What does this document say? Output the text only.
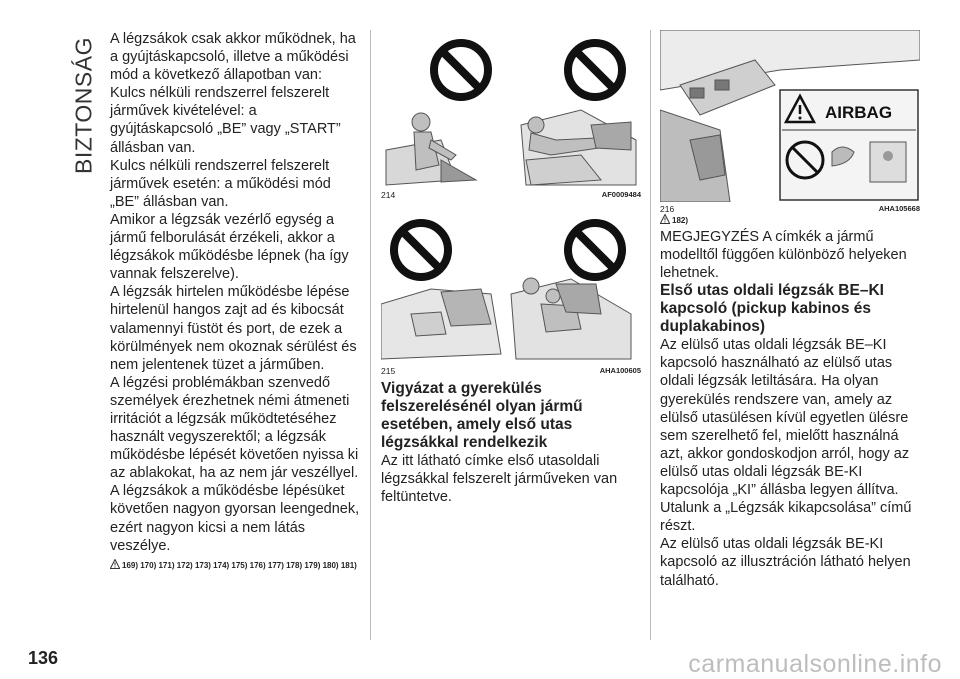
BIZTONSÁG A légzsákok csak akkor működnek, ha a gyújtáskapcsoló, illetve a működési mód a következő állapotban van:

Kulcs nélküli rendszerrel felszerelt járművek kivételével: a gyújtáskapcsoló „BE” vagy „START” állásban van.

Kulcs nélküli rendszerrel felszerelt járművek esetén: a működési mód „BE” állásban van.

Amikor a légzsák vezérlő egység a jármű felborulását érzékeli, akkor a légzsákok működésbe lépnek (ha így vannak felszerelve).

A légzsák hirtelen működésbe lépése hirtelenül hangos zajt ad és kibocsát valamennyi füstöt és port, de ezek a körülmények nem okoznak sérülést és nem jelentenek tüzet a járműben.

A légzési problémákban szenvedő személyek érezhetnek némi átmeneti irritációt a légzsák működtetéséhez használt vegyszerektől; a légzsák működésbe lépését követően nyissa ki az ablakokat, ha az nem jár veszéllyel.

A légzsákok a működésbe lépésüket követően nagyon gyorsan leengednek, ezért nagyon kicsi a nem látás veszélye.

169) 170) 171) 172) 173) 174) 175) 176) 177) 178) 179) 180) 181)
214	AF0009484
215	AHA100605
Vigyázat a gyerekülés felszerelésénél olyan jármű esetében, amely első utas légzsákkal rendelkezik

Az itt látható címke első utasoldali légzsákkal felszerelt járműveken van feltüntetve.

AIRBAG
216	AHA105668
182)

MEGJEGYZÉS A címkék a jármű modelltől függően különböző helyeken lehetnek.

Első utas oldali légzsák BE–KI kapcsoló (pickup kabinos és duplakabinos)

Az elülső utas oldali légzsák BE–KI kapcsoló használható az elülső utas oldali légzsák letiltására. Ha olyan gyerekülés rendszere van, amely az elülső utasülésen kívül egyetlen ülésre sem szerelhető fel, mielőtt használná azt, akkor gondoskodjon arról, hogy az elülső utas oldali légzsák BE-KI kapcsolója „KI” állásba legyen állítva. Utalunk a „Légzsák kikapcsolása” című részt.

Az elülső utas oldali légzsák BE-KI kapcsoló az illusztráción látható helyen található.

136	carmanualsonline.info
